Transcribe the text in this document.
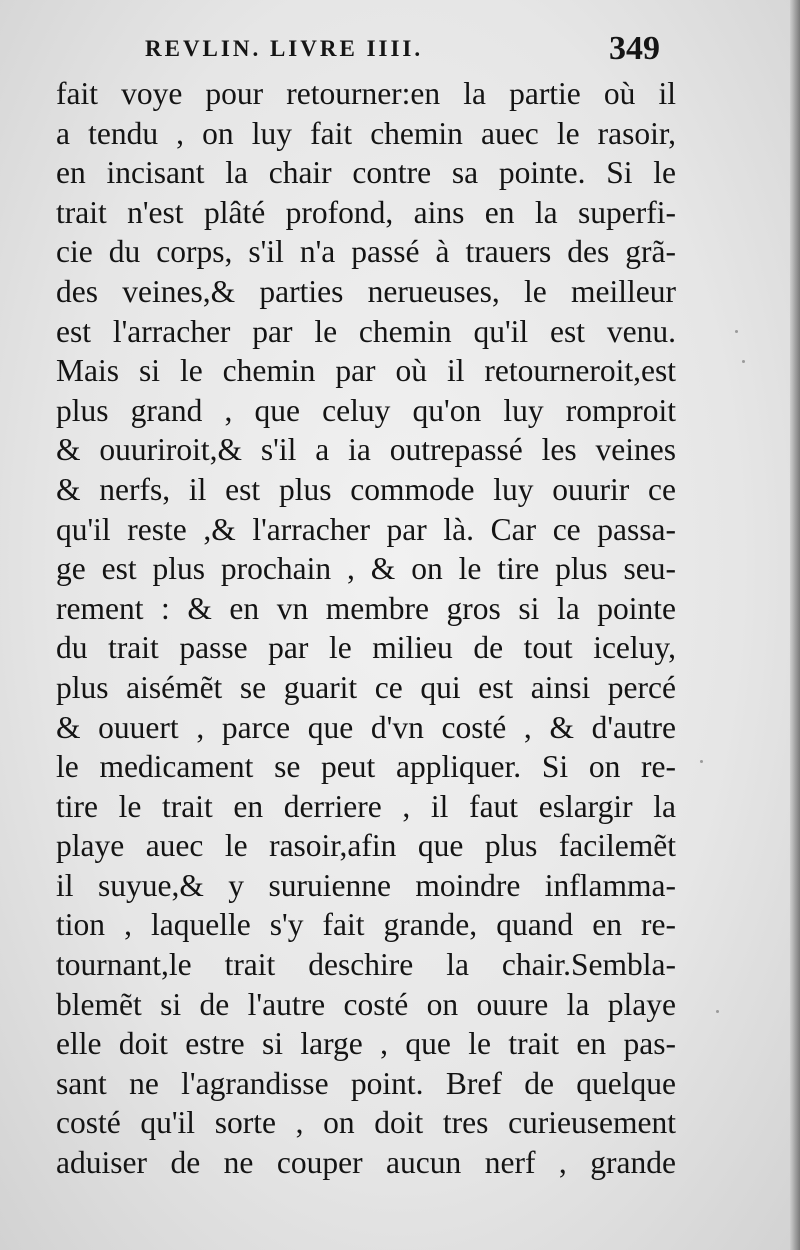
REVLIN. LIVRE IIII.	349
fait voye pour retourner:en la partie où il
a tendu , on luy fait chemin auec le rasoir,
en incisant la chair contre sa pointe. Si le
trait n'est plâté profond, ains en la superfi-
cie du corps, s'il n'a passé à trauers des grã-
des veines,& parties nerueuses, le meilleur
est l'arracher par le chemin qu'il est venu.
Mais si le chemin par où il retourneroit,est
plus grand , que celuy qu'on luy romproit
& ouuriroit,& s'il a ia outrepassé les veines
& nerfs, il est plus commode luy ouurir ce
qu'il reste ,& l'arracher par là. Car ce passa-
ge est plus prochain , & on le tire plus seu-
rement : & en vn membre gros si la pointe
du trait passe par le milieu de tout iceluy,
plus aisémẽt se guarit ce qui est ainsi percé
& ouuert , parce que d'vn costé , & d'autre
le medicament se peut appliquer. Si on re-
tire le trait en derriere , il faut eslargir la
playe auec le rasoir,afin que plus facilemẽt
il suyue,& y suruienne moindre inflamma-
tion , laquelle s'y fait grande, quand en re-
tournant,le trait deschire la chair.Sembla-
blemẽt si de l'autre costé on ouure la playe
elle doit estre si large , que le trait en pas-
sant ne l'agrandisse point. Bref de quelque
costé qu'il sorte , on doit tres curieusement
aduiser de ne couper aucun nerf , grande
